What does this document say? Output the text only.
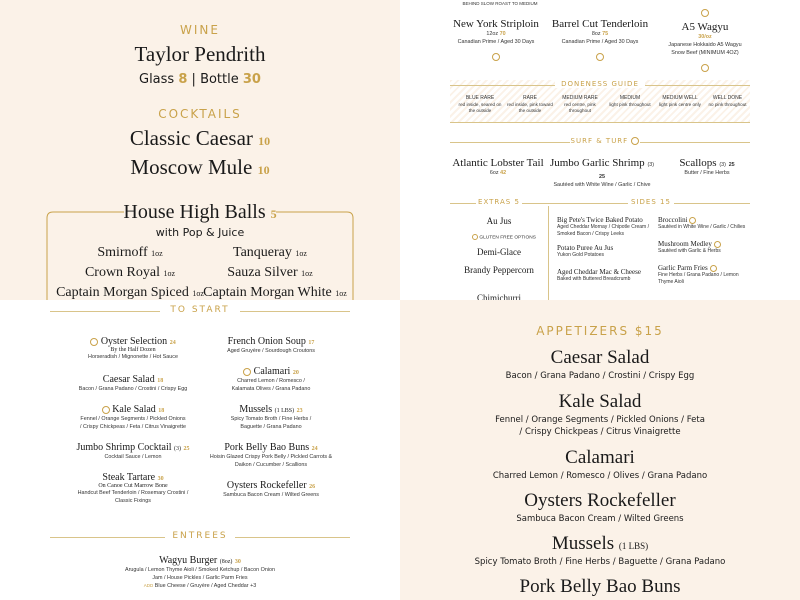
WINE
Taylor Pendrith
Glass 8 | Bottle 30
COCKTAILS
Classic Caesar 10
Moscow Mule 10
House High Balls 5
with Pop & Juice
Smirnoff 1oz	Tanqueray 1oz
Crown Royal 1oz	Sauza Silver 1oz
Captain Morgan Spiced 1oz Captain Morgan White 1oz
BEHIND SLOW ROAST TO MEDIUM
New York Striploin
12oz 70
Canadian Prime / Aged 30 Days
Barrel Cut Tenderloin
8oz 75
Canadian Prime / Aged 30 Days
A5 Wagyu
30/oz
Japanese Hokkaido A5 Wagyu
Snow Beef (MINIMUM 4OZ)
DONENESS GUIDE
BLUE RARE
red inside, seared on the outside
RARE
red inside, pink toward the outside
MEDIUM RARE
red centre, pink throughout
MEDIUM
light pink throughout
MEDIUM WELL
light pink centre only
WELL DONE
no pink throughout
SURF & TURF
Atlantic Lobster Tail
6oz 42
Jumbo Garlic Shrimp (3) 25
Sautéed with White Wine / Garlic / Chive
Scallops (3) 25
Butter / Fine Herbs
EXTRAS 5
Au Jus
GLUTEN FREE OPTIONS
Demi-Glace
Brandy Peppercorn
Chimichurri
SIDES 15
Big Pete's Twice Baked Potato
Aged Cheddar Mornay / Chipotle Cream / Smoked Bacon / Crispy Leeks
Potato Puree Au Jus
Yukon Gold Potatoes
Aged Cheddar Mac & Cheese
Baked with Buttered Breadcrumb
Broccolini
Sautéed in White Wine / Garlic / Chilies
Mushroom Medley
Sautéed with Garlic & Herbs
Garlic Parm Fries
Fine Herbs / Grana Padano / Lemon Thyme Aioli
TO START
Oyster Selection 24
By the Half Dozen
Horseradish / Mignonette / Hot Sauce
Caesar Salad 18
Bacon / Grana Padano / Crostini / Crispy Egg
Kale Salad 18
Fennel / Orange Segments / Pickled Onions / Crispy Chickpeas / Feta / Citrus Vinaigrette
Jumbo Shrimp Cocktail (3) 25
Cocktail Sauce / Lemon
Steak Tartare 30
On Canoe Cut Marrow Bone
Handcut Beef Tenderloin / Rosemary Crostini / Classic Fixings
French Onion Soup 17
Aged Gruyère / Sourdough Croutons
Calamari 20
Charred Lemon / Romesco / Kalamata Olives / Grana Padano
Mussels (1 LBS) 23
Spicy Tomato Broth / Fine Herbs / Baguette / Grana Padano
Pork Belly Bao Buns 24
Hoisin Glazed Crispy Pork Belly / Pickled Carrots & Daikon / Cucumber / Scallions
Oysters Rockefeller 26
Sambuca Bacon Cream / Wilted Greens
ENTREES
Wagyu Burger (8oz) 30
Arugula / Lemon Thyme Aioli / Smoked Ketchup / Bacon Onion Jam / House Pickles / Garlic Parm Fries
ADD Blue Cheese / Gruyère / Aged Cheddar +3
APPETIZERS $15
Caesar Salad
Bacon / Grana Padano / Crostini / Crispy Egg
Kale Salad
Fennel / Orange Segments / Pickled Onions / Feta
/ Crispy Chickpeas / Citrus Vinaigrette
Calamari
Charred Lemon / Romesco / Olives / Grana Padano
Oysters Rockefeller
Sambuca Bacon Cream / Wilted Greens
Mussels (1 LBS)
Spicy Tomato Broth / Fine Herbs / Baguette / Grana Padano
Pork Belly Bao Buns
